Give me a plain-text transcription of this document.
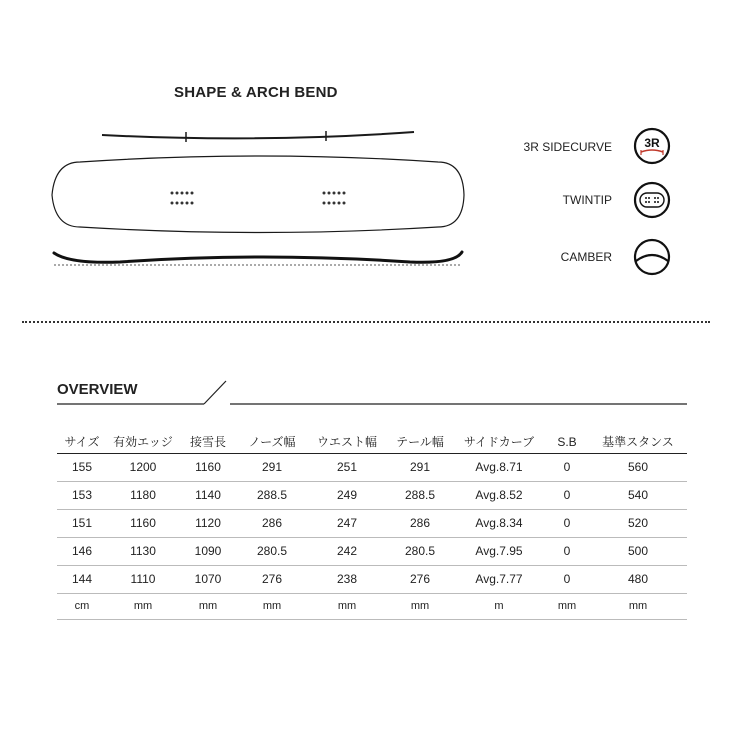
SHAPE & ARCH BEND
3R SIDECURVE	3R
TWINTIP
CAMBER
OVERVIEW
サイズ	有効エッジ	接雪長	ノーズ幅	ウエスト幅	テール幅	サイドカーブ	S.B	基準スタンス
155	1200	1160	291	251	291	Avg.8.71	0	560
153	1180	1140	288.5	249	288.5	Avg.8.52	0	540
151	1160	1120	286	247	286	Avg.8.34	0	520
146	1130	1090	280.5	242	280.5	Avg.7.95	0	500
144	1110	1070	276	238	276	Avg.7.77	0	480
cm	mm	mm	mm	mm	mm	m	mm	mm
